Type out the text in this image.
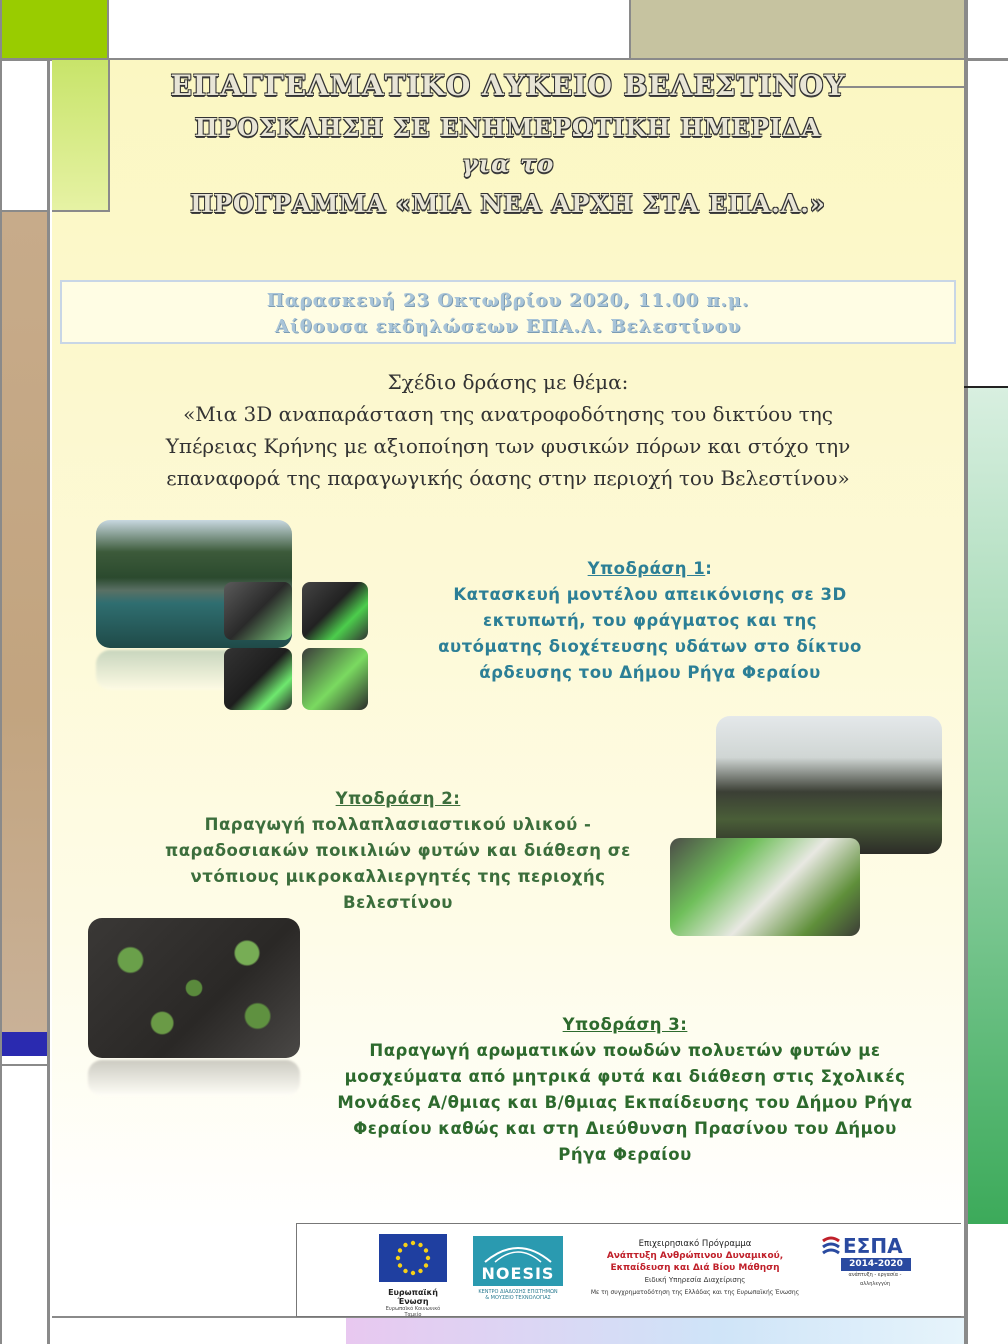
ΕΠΑΓΓΕΛΜΑΤΙΚΟ ΛΥΚΕΙΟ ΒΕΛΕΣΤΙΝΟΥ
ΠΡΟΣΚΛΗΣΗ ΣΕ ΕΝΗΜΕΡΩΤΙΚΗ ΗΜΕΡΙΔΑ
για το
ΠΡΟΓΡΑΜΜΑ «ΜΙΑ ΝΕΑ ΑΡΧΗ ΣΤΑ ΕΠΑ.Λ.»
Παρασκευή 23 Οκτωβρίου 2020, 11.00 π.μ.
Αίθουσα εκδηλώσεων ΕΠΑ.Λ. Βελεστίνου
Σχέδιο δράσης με θέμα:
«Μια 3D αναπαράσταση της ανατροφοδότησης του δικτύου της
Υπέρειας Κρήνης με αξιοποίηση των φυσικών πόρων και στόχο την
επαναφορά της παραγωγικής όασης στην περιοχή του Βελεστίνου»
Υποδράση 1:
Κατασκευή μοντέλου απεικόνισης σε 3D
εκτυπωτή, του φράγματος και της
αυτόματης διοχέτευσης υδάτων στο δίκτυο
άρδευσης του Δήμου Ρήγα Φεραίου
Υποδράση 2:
Παραγωγή πολλαπλασιαστικού υλικού -
παραδοσιακών ποικιλιών φυτών και διάθεση σε
ντόπιους μικροκαλλιεργητές της περιοχής
Βελεστίνου
Υποδράση 3:
Παραγωγή αρωματικών ποωδών πολυετών φυτών με
μοσχεύματα από μητρικά φυτά και διάθεση στις Σχολικές
Μονάδες Α/θμιας και Β/θμιας Εκπαίδευσης του Δήμου Ρήγα
Φεραίου καθώς και στη Διεύθυνση Πρασίνου του Δήμου
Ρήγα Φεραίου
Ευρωπαϊκή Ένωση
Ευρωπαϊκό Κοινωνικό Ταμείο
NOESIS
ΚΕΝΤΡΟ ΔΙΑΔΟΣΗΣ ΕΠΙΣΤΗΜΩΝ
& ΜΟΥΣΕΙΟ ΤΕΧΝΟΛΟΓΙΑΣ
Επιχειρησιακό Πρόγραμμα
Ανάπτυξη Ανθρώπινου Δυναμικού,
Εκπαίδευση και Διά Βίου Μάθηση
Ειδική Υπηρεσία Διαχείρισης
Με τη συγχρηματοδότηση της Ελλάδας και της Ευρωπαϊκής Ένωσης
ΕΣΠΑ
2014-2020
ανάπτυξη - εργασία - αλληλεγγύη
